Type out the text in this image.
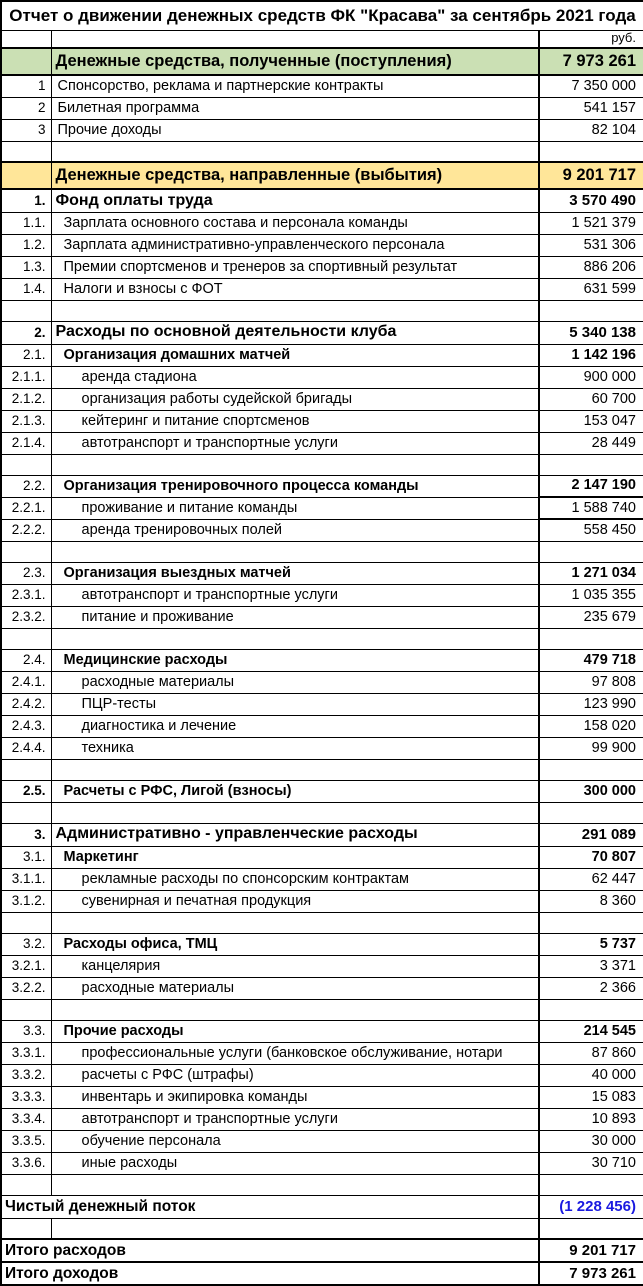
Отчет о движении денежных средств ФК "Красава" за сентябрь 2021 года		
		руб.
	Денежные средства, полученные (поступления)	7 973 261
1	Спонсорство, реклама и партнерские контракты	7 350 000
2	Билетная программа	541 157
3	Прочие доходы	82 104

	Денежные средства, направленные (выбытия)	9 201 717
1.	Фонд оплаты труда	3 570 490
1.1.	Зарплата основного состава и персонала команды	1 521 379
1.2.	Зарплата административно-управленческого персонала	531 306
1.3.	Премии спортсменов и тренеров за спортивный результат	886 206
1.4.	Налоги и взносы с ФОТ	631 599

2.	Расходы по основной деятельности клуба	5 340 138
2.1.	Организация домашних матчей	1 142 196
2.1.1.	аренда стадиона	900 000
2.1.2.	организация работы судейской бригады	60 700
2.1.3.	кейтеринг и питание спортсменов	153 047
2.1.4.	автотранспорт и транспортные услуги	28 449

2.2.	Организация тренировочного процесса команды	2 147 190
2.2.1.	проживание и питание команды	1 588 740
2.2.2.	аренда тренировочных полей	558 450

2.3.	Организация выездных матчей	1 271 034
2.3.1.	автотранспорт и транспортные услуги	1 035 355
2.3.2.	питание и проживание	235 679

2.4.	Медицинские расходы	479 718
2.4.1.	расходные материалы	97 808
2.4.2.	ПЦР-тесты	123 990
2.4.3.	диагностика и лечение	158 020
2.4.4.	техника	99 900

2.5.	Расчеты с РФС, Лигой (взносы)	300 000

3.	Административно - управленческие расходы	291 089
3.1.	Маркетинг	70 807
3.1.1.	рекламные расходы по спонсорским контрактам	62 447
3.1.2.	сувенирная и печатная продукция	8 360

3.2.	Расходы офиса, ТМЦ	5 737
3.2.1.	канцелярия	3 371
3.2.2.	расходные материалы	2 366

3.3.	Прочие расходы	214 545
3.3.1.	профессиональные услуги (банковское обслуживание, нотари	87 860
3.3.2.	расчеты с РФС (штрафы)	40 000
3.3.3.	инвентарь и экипировка команды	15 083
3.3.4.	автотранспорт и транспортные услуги	10 893
3.3.5.	обучение персонала	30 000
3.3.6.	иные расходы	30 710

Чистый денежный поток		(1 228 456)

Итого расходов		9 201 717
Итого доходов		7 973 261
